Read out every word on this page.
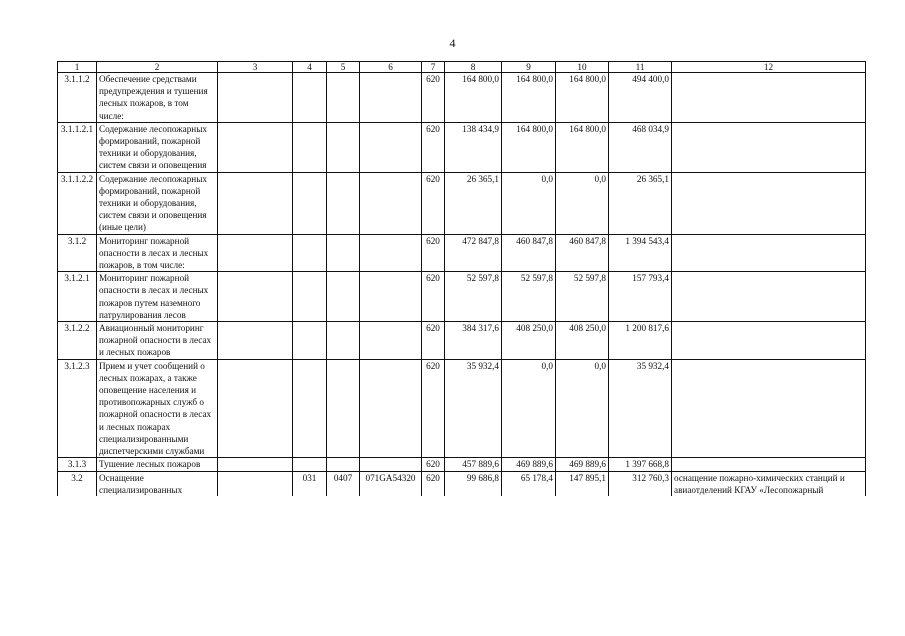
4
1	2	3	4	5	6	7	8	9	10	11	12
3.1.1.2	Обеспечение средствами предупреждения и тушения лесных пожаров, в том числе:					620	164 800,0	164 800,0	164 800,0	494 400,0	
3.1.1.2.1	Содержание лесопожарных формирований, пожарной техники и оборудования, систем связи и оповещения					620	138 434,9	164 800,0	164 800,0	468 034,9	
3.1.1.2.2	Содержание лесопожарных формирований, пожарной техники и оборудования, систем связи и оповещения (иные цели)					620	26 365,1	0,0	0,0	26 365,1	
3.1.2	Мониторинг пожарной опасности в лесах и лесных пожаров, в том числе:					620	472 847,8	460 847,8	460 847,8	1 394 543,4	
3.1.2.1	Мониторинг пожарной опасности в лесах и лесных пожаров путем наземного патрулирования лесов					620	52 597,8	52 597,8	52 597,8	157 793,4	
3.1.2.2	Авиационный мониторинг пожарной опасности в лесах и лесных пожаров					620	384 317,6	408 250,0	408 250,0	1 200 817,6	
3.1.2.3	Прием и учет сообщений о лесных пожарах, а также оповещение населения и противопожарных служб о пожарной опасности в лесах и лесных пожарах специализированными диспетчерскими службами					620	35 932,4	0,0	0,0	35 932,4	
3.1.3	Тушение лесных пожаров					620	457 889,6	469 889,6	469 889,6	1 397 668,8	
3.2	Оснащение специализированных		031	0407	071GA54320	620	99 686,8	65 178,4	147 895,1	312 760,3	оснащение пожарно-химических станций и авиаотделений КГАУ «Лесопожарный
